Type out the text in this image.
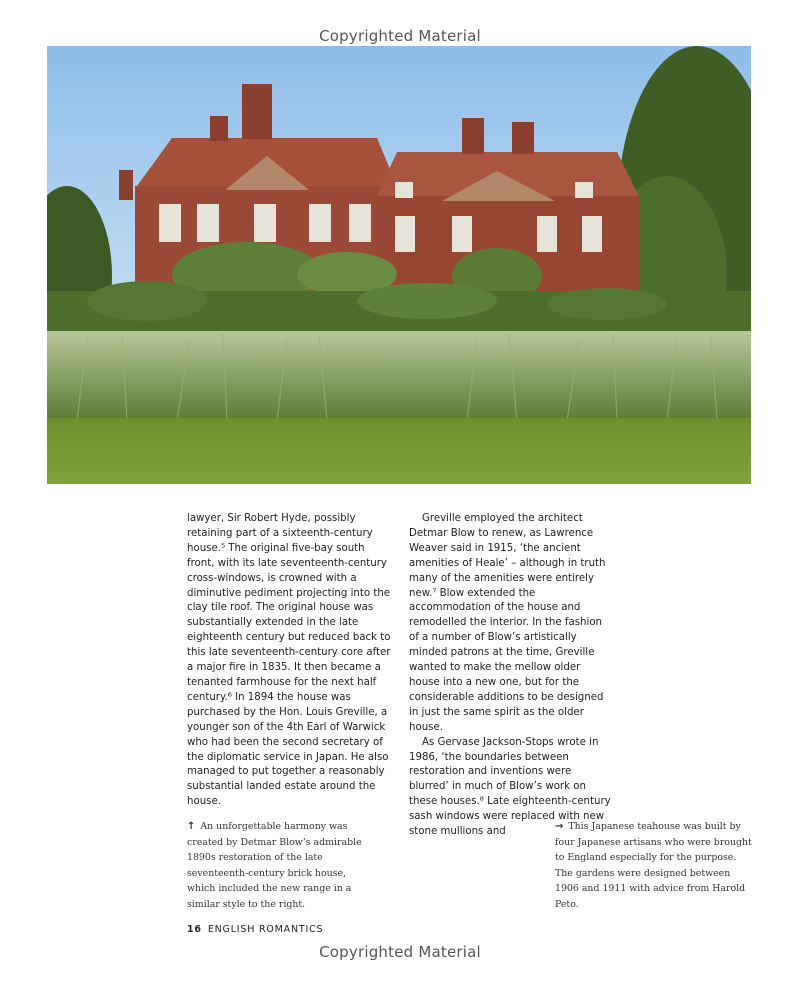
Copyrighted Material

lawyer, Sir Robert Hyde, possibly retaining part of a sixteenth-century house.⁵ The original five-bay south front, with its late seventeenth-century cross-windows, is crowned with a diminutive pediment projecting into the clay tile roof. The original house was substantially extended in the late eighteenth century but reduced back to this late seventeenth-century core after a major fire in 1835. It then became a tenanted farmhouse for the next half century.⁶ In 1894 the house was purchased by the Hon. Louis Greville, a younger son of the 4th Earl of Warwick who had been the second secretary of the diplomatic service in Japan. He also managed to put together a reasonably substantial landed estate around the house.

Greville employed the architect Detmar Blow to renew, as Lawrence Weaver said in 1915, ‘the ancient amenities of Heale’ – although in truth many of the amenities were entirely new.⁷ Blow extended the accommodation of the house and remodelled the interior. In the fashion of a number of Blow’s artistically minded patrons at the time, Greville wanted to make the mellow older house into a new one, but for the considerable additions to be designed in just the same spirit as the older house.

As Gervase Jackson-Stops wrote in 1986, ‘the boundaries between restoration and inventions were blurred’ in much of Blow’s work on these houses.⁸ Late eighteenth-century sash windows were replaced with new stone mullions and

↑ An unforgettable harmony was created by Detmar Blow’s admirable 1890s restoration of the late seventeenth-century brick house, which included the new range in a similar style to the right.
→ This Japanese teahouse was built by four Japanese artisans who were brought to England especially for the purpose. The gardens were designed between 1906 and 1911 with advice from Harold Peto.
16 ENGLISH ROMANTICS
Copyrighted Material
